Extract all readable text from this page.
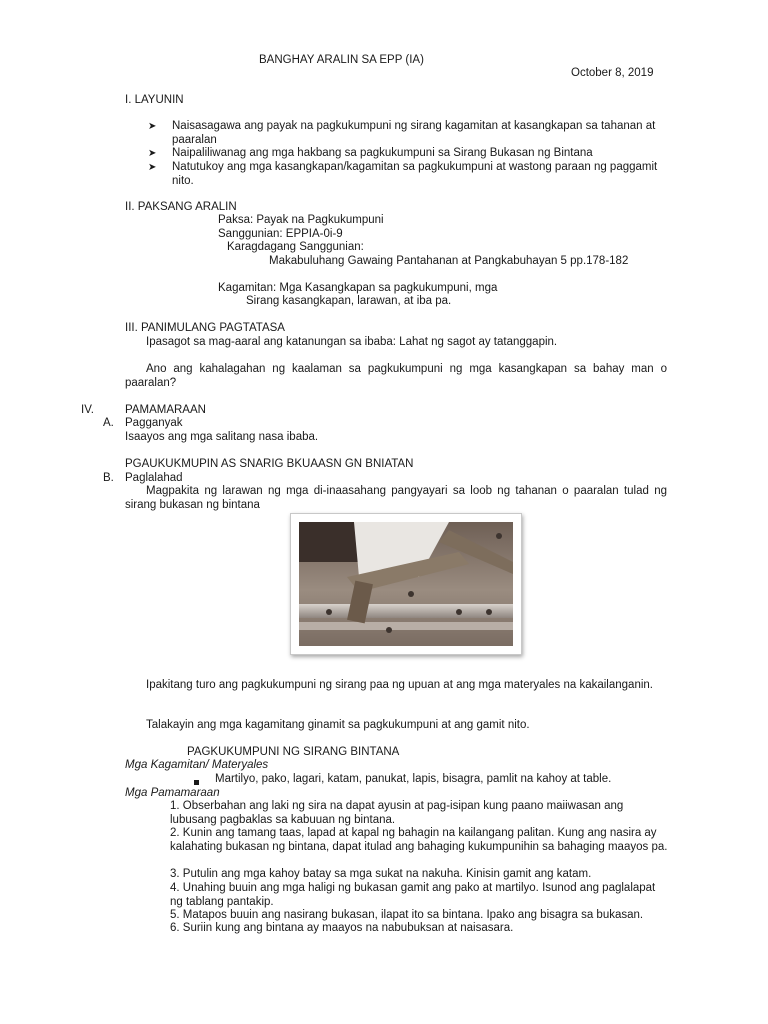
BANGHAY ARALIN SA EPP (IA)
October 8, 2019
I. LAYUNIN
➤ Naisasagawa ang payak na pagkukumpuni ng sirang kagamitan at kasangkapan sa tahanan at paaralan
➤ Naipaliliwanag ang mga hakbang sa pagkukumpuni sa Sirang Bukasan ng Bintana
➤ Natutukoy ang mga kasangkapan/kagamitan sa pagkukumpuni at wastong paraan ng paggamit nito.
II. PAKSANG ARALIN
Paksa: Payak na Pagkukumpuni
Sanggunian: EPPIA-0i-9
Karagdagang Sanggunian:
Makabuluhang Gawaing Pantahanan at Pangkabuhayan 5 pp.178-182
Kagamitan: Mga Kasangkapan sa pagkukumpuni, mga
Sirang kasangkapan, larawan, at iba pa.
III. PANIMULANG PAGTATASA
Ipasagot sa mag-aaral ang katanungan sa ibaba: Lahat ng sagot ay tatanggapin.
Ano ang kahalagahan ng kaalaman sa pagkukumpuni ng mga kasangkapan sa bahay man o paaralan?
IV.	PAMAMARAAN
A. Pagganyak
Isaayos ang mga salitang nasa ibaba.
PGAUKUKMUPIN AS SNARIG BKUAASN GN BNIATAN
B. Paglalahad
Magpakita ng larawan ng mga di-inaasahang pangyayari sa loob ng tahanan o paaralan tulad ng sirang bukasan ng bintana
Ipakitang turo ang pagkukumpuni ng sirang paa ng upuan at ang mga materyales na kakailanganin.
Talakayin ang mga kagamitang ginamit sa pagkukumpuni at ang gamit nito.
PAGKUKUMPUNI NG SIRANG BINTANA
Mga Kagamitan/ Materyales
Martilyo, pako, lagari, katam, panukat, lapis, bisagra, pamlit na kahoy at table.
Mga Pamamaraan
1. Obserbahan ang laki ng sira na dapat ayusin at pag-isipan kung paano maiiwasan ang lubusang pagbaklas sa kabuuan ng bintana.
2. Kunin ang tamang taas, lapad at kapal ng bahagin na kailangang palitan. Kung ang nasira ay kalahating bukasan ng bintana, dapat itulad ang bahaging kukumpunihin sa bahaging maayos pa.
3. Putulin ang mga kahoy batay sa mga sukat na nakuha. Kinisin gamit ang katam.
4. Unahing buuin ang mga haligi ng bukasan gamit ang pako at martilyo. Isunod ang paglalapat ng tablang pantakip.
5. Matapos buuin ang nasirang bukasan, ilapat ito sa bintana. Ipako ang bisagra sa bukasan.
6. Suriin kung ang bintana ay maayos na nabubuksan at naisasara.
